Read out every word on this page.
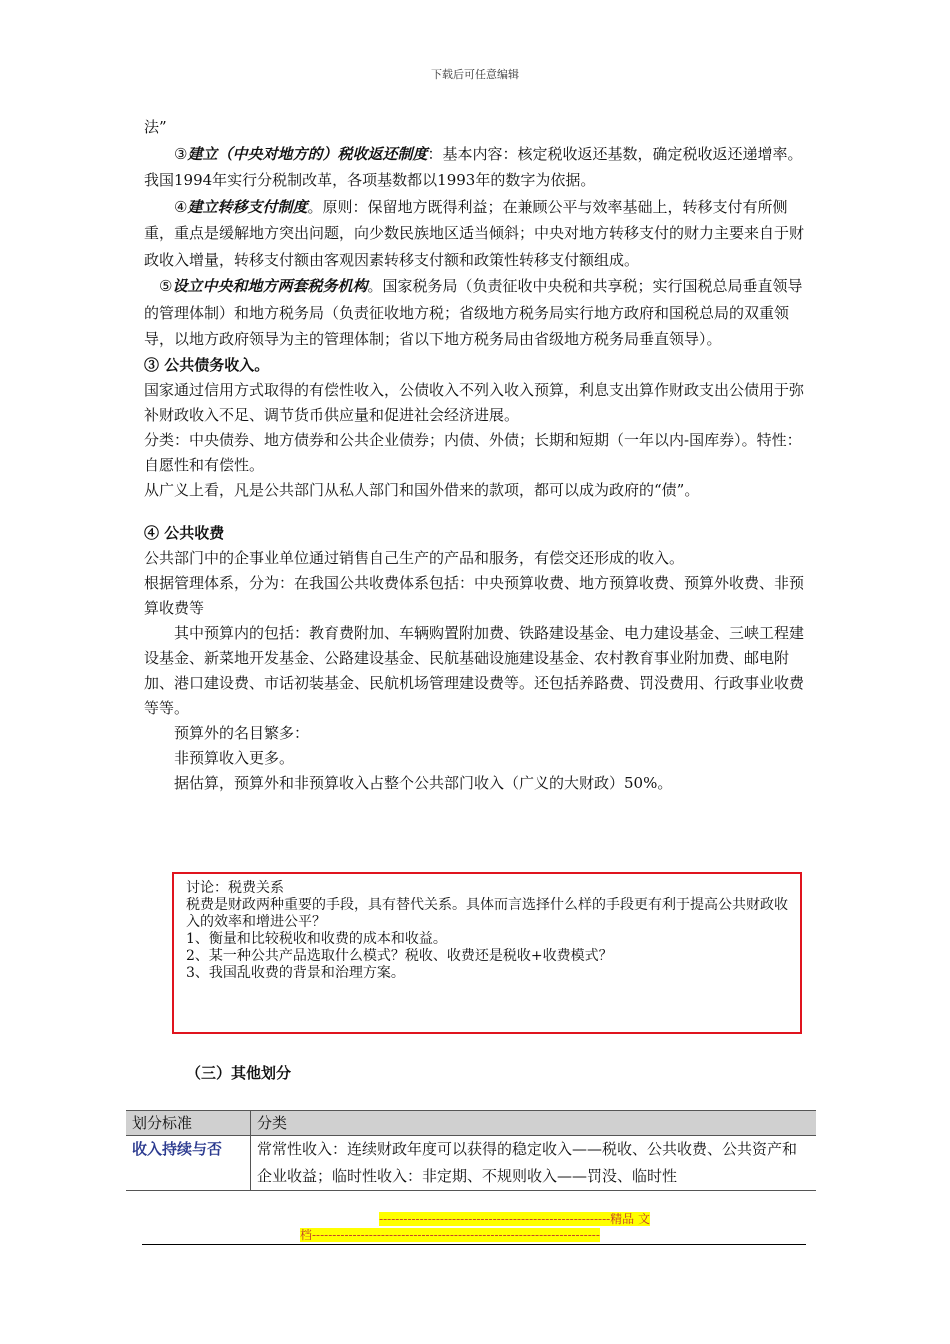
下载后可任意编辑

法”

③建立（中央对地方的）税收返还制度：基本内容：核定税收返还基数，确定税收返还递增率。我国1994年实行分税制改革，各项基数都以1993年的数字为依据。

④建立转移支付制度。原则：保留地方既得利益；在兼顾公平与效率基础上，转移支付有所侧重，重点是缓解地方突出问题，向少数民族地区适当倾斜；中央对地方转移支付的财力主要来自于财政收入增量，转移支付额由客观因素转移支付额和政策性转移支付额组成。

⑤设立中央和地方两套税务机构。国家税务局（负责征收中央税和共享税；实行国税总局垂直领导的管理体制）和地方税务局（负责征收地方税；省级地方税务局实行地方政府和国税总局的双重领导，以地方政府领导为主的管理体制；省以下地方税务局由省级地方税务局垂直领导）。

③ 公共债务收入。

国家通过信用方式取得的有偿性收入，公债收入不列入收入预算，利息支出算作财政支出公债用于弥补财政收入不足、调节货币供应量和促进社会经济进展。

分类：中央债券、地方债券和公共企业债券；内债、外债；长期和短期（一年以内-国库券）。特性：自愿性和有偿性。

从广义上看，凡是公共部门从私人部门和国外借来的款项，都可以成为政府的“债”。

④ 公共收费

公共部门中的企事业单位通过销售自己生产的产品和服务，有偿交还形成的收入。

根据管理体系，分为：在我国公共收费体系包括：中央预算收费、地方预算收费、预算外收费、非预算收费等

其中预算内的包括：教育费附加、车辆购置附加费、铁路建设基金、电力建设基金、三峡工程建设基金、新菜地开发基金、公路建设基金、民航基础设施建设基金、农村教育事业附加费、邮电附加、港口建设费、市话初装基金、民航机场管理建设费等。还包括养路费、罚没费用、行政事业收费等等。

预算外的名目繁多：

非预算收入更多。

据估算，预算外和非预算收入占整个公共部门收入（广义的大财政）50%。

讨论：税费关系

税费是财政两种重要的手段，具有替代关系。具体而言选择什么样的手段更有利于提高公共财政收入的效率和增进公平？

1、衡量和比较税收和收费的成本和收益。

2、某一种公共产品选取什么模式？税收、收费还是税收+收费模式？

3、我国乱收费的背景和治理方案。

（三）其他划分
划分标准	分类
收入持续与否	常常性收入：连续财政年度可以获得的稳定收入——税收、公共收费、公共资产和企业收益；临时性收入：非定期、不规则收入——罚没、临时性
---------------------------------------------------------精品 文
档-----------------------------------------------------------------------
